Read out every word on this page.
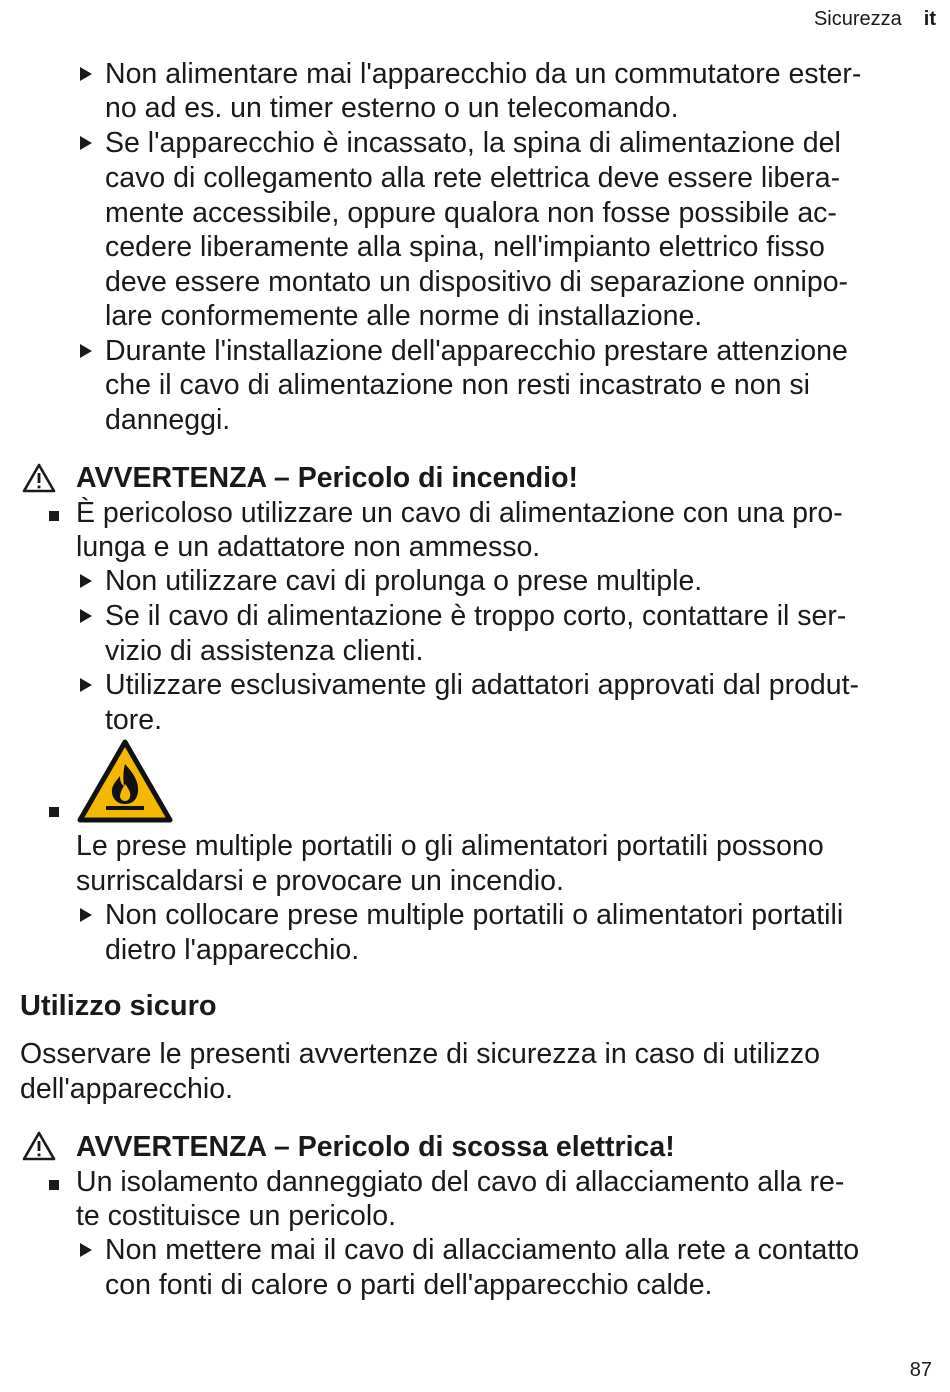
Sicurezza it
Non alimentare mai l'apparecchio da un commutatore ester-
no ad es. un timer esterno o un telecomando.
Se l'apparecchio è incassato, la spina di alimentazione del
cavo di collegamento alla rete elettrica deve essere libera-
mente accessibile, oppure qualora non fosse possibile ac-
cedere liberamente alla spina, nell'impianto elettrico fisso
deve essere montato un dispositivo di separazione onnipo-
lare conformemente alle norme di installazione.
Durante l'installazione dell'apparecchio prestare attenzione
che il cavo di alimentazione non resti incastrato e non si
danneggi.
AVVERTENZA – Pericolo di incendio!
È pericoloso utilizzare un cavo di alimentazione con una pro-
lunga e un adattatore non ammesso.
Non utilizzare cavi di prolunga o prese multiple.
Se il cavo di alimentazione è troppo corto, contattare il ser-
vizio di assistenza clienti.
Utilizzare esclusivamente gli adattatori approvati dal produt-
tore.
Le prese multiple portatili o gli alimentatori portatili possono
surriscaldarsi e provocare un incendio.
Non collocare prese multiple portatili o alimentatori portatili
dietro l'apparecchio.
Utilizzo sicuro
Osservare le presenti avvertenze di sicurezza in caso di utilizzo
dell'apparecchio.
AVVERTENZA – Pericolo di scossa elettrica!
Un isolamento danneggiato del cavo di allacciamento alla re-
te costituisce un pericolo.
Non mettere mai il cavo di allacciamento alla rete a contatto
con fonti di calore o parti dell'apparecchio calde.
87
